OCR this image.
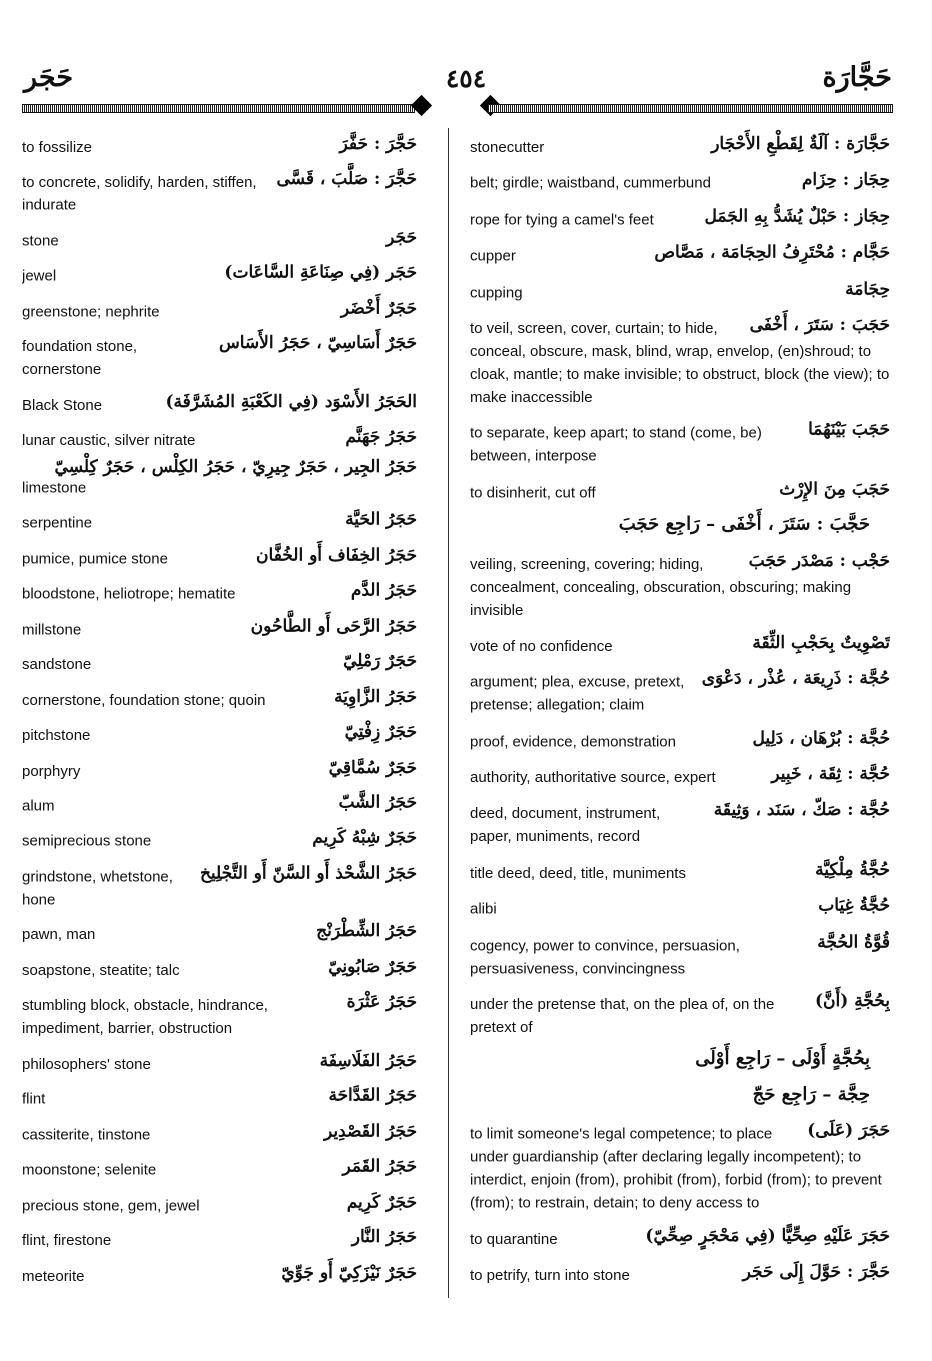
حَجَر	٤٥٤	حَجَّارَة
حَجَّرَ : حَفَّرَ
to fossilize
حَجَّرَ : صَلَّبَ ، قَسَّى
to concrete, solidify, harden, stiffen, indurate
حَجَر
stone
حَجَر (فِي صِنَاعَةِ السَّاعَات)
jewel
حَجَرٌ أَخْضَر
greenstone; nephrite
حَجَرٌ أَسَاسِيّ ، حَجَرُ الأَسَاس
foundation stone, cornerstone
الحَجَرُ الأَسْوَد (فِي الكَعْبَةِ المُشَرَّفَة)
Black Stone
حَجَرُ جَهَنَّم
lunar caustic, silver nitrate
حَجَرُ الجِير ، حَجَرٌ جِيرِيّ ، حَجَرُ الكِلْس ، حَجَرٌ كِلْسِيّ
limestone
حَجَرُ الحَيَّة
serpentine
حَجَرُ الخِفَاف أَو الخُفَّان
pumice, pumice stone
حَجَرُ الدَّم
bloodstone, heliotrope; hematite
حَجَرُ الرَّحَى أَو الطَّاحُون
millstone
حَجَرٌ رَمْلِيّ
sandstone
حَجَرُ الزَّاوِيَة
cornerstone, foundation stone; quoin
حَجَرٌ زِفْتِيّ
pitchstone
حَجَرٌ سُمَّاقِيّ
porphyry
حَجَرُ الشَّبّ
alum
حَجَرٌ شِبْهُ كَرِيم
semiprecious stone
حَجَرُ الشَّحْذ أَو السَّنّ أَو التَّجْلِيخ
grindstone, whetstone, hone
حَجَرُ الشِّطْرَنْج
pawn, man
حَجَرٌ صَابُونِيّ
soapstone, steatite; talc
حَجَرُ عَثْرَة
stumbling block, obstacle, hindrance, impediment, barrier, obstruction
حَجَرُ الفَلَاسِفَة
philosophers' stone
حَجَرُ القَدَّاحَة
flint
حَجَرُ القَصْدِير
cassiterite, tinstone
حَجَرُ القَمَر
moonstone; selenite
حَجَرٌ كَرِيم
precious stone, gem, jewel
حَجَرُ النَّار
flint, firestone
حَجَرٌ نَيْزَكِيّ أَو جَوِّيّ
meteorite
حَجَّارَة : آلَةٌ لِقَطْعِ الأَحْجَار
stonecutter
حِجَاز : حِزَام
belt; girdle; waistband, cummerbund
حِجَاز : حَبْلٌ يُشَدُّ بِهِ الجَمَل
rope for tying a camel's feet
حَجَّام : مُحْتَرِفُ الحِجَامَة ، مَصَّاص
cupper
حِجَامَة
cupping
حَجَبَ : سَتَرَ ، أَخْفَى
to veil, screen, cover, curtain; to hide, conceal, obscure, mask, blind, wrap, envelop, (en)shroud; to cloak, mantle; to make invisible; to obstruct, block (the view); to make inaccessible
حَجَبَ بَيْنَهُمَا
to separate, keep apart; to stand (come, be) between, interpose
حَجَبَ مِنَ الإِرْث
to disinherit, cut off
حَجَّبَ : سَتَرَ ، أَخْفَى – رَاجِع حَجَبَ
حَجْب : مَصْدَر حَجَبَ
veiling, screening, covering; hiding, concealment, concealing, obscuration, obscuring; making invisible
تَصْوِيتٌ بِحَجْبِ الثِّقَة
vote of no confidence
حُجَّة : ذَرِيعَة ، عُذْر ، دَعْوَى
argument; plea, excuse, pretext, pretense; allegation; claim
حُجَّة : بُرْهَان ، دَلِيل
proof, evidence, demonstration
حُجَّة : ثِقَة ، خَبِير
authority, authoritative source, expert
حُجَّة : صَكّ ، سَنَد ، وَثِيقَة
deed, document, instrument, paper, muniments, record
حُجَّةُ مِلْكِيَّة
title deed, deed, title, muniments
حُجَّةُ غِيَاب
alibi
قُوَّةُ الحُجَّة
cogency, power to convince, persuasion, persuasiveness, convincingness
بِحُجَّةِ (أَنَّ)
under the pretense that, on the plea of, on the pretext of
بِحُجَّةٍ أَوْلَى – رَاجِع أَوْلَى
حِجَّة – رَاجِع حَجّ
حَجَرَ (عَلَى)
to limit someone's legal competence; to place under guardianship (after declaring legally incompetent); to interdict, enjoin (from), prohibit (from), forbid (from); to prevent (from); to restrain, detain; to deny access to
حَجَرَ عَلَيْهِ صِحِّيًّا (فِي مَحْجَرٍ صِحِّيّ)
to quarantine
حَجَّرَ : حَوَّلَ إِلَى حَجَر
to petrify, turn into stone
